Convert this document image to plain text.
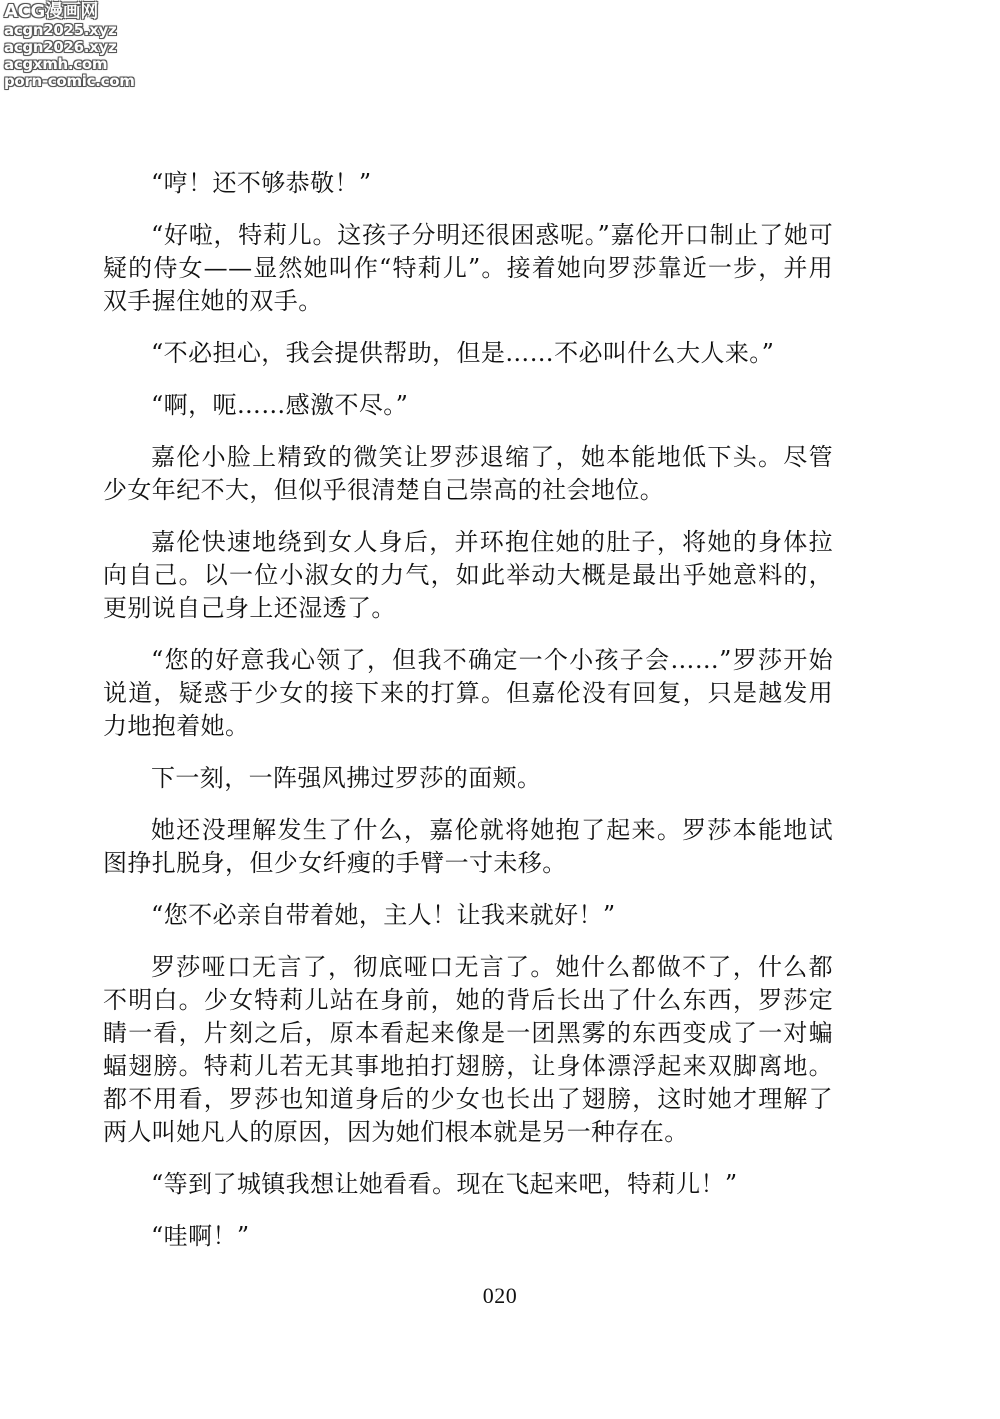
ACG漫画网
acgn2025.xyz
acgn2026.xyz
acgxmh.com
porn-comic.com

“哼！还不够恭敬！”

“好啦，特莉儿。这孩子分明还很困惑呢。”嘉伦开口制止了她可疑的侍女——显然她叫作“特莉儿”。接着她向罗莎靠近一步，并用双手握住她的双手。

“不必担心，我会提供帮助，但是……不必叫什么大人来。”

“啊，呃……感激不尽。”

嘉伦小脸上精致的微笑让罗莎退缩了，她本能地低下头。尽管少女年纪不大，但似乎很清楚自己崇高的社会地位。

嘉伦快速地绕到女人身后，并环抱住她的肚子，将她的身体拉向自己。以一位小淑女的力气，如此举动大概是最出乎她意料的，更别说自己身上还湿透了。

“您的好意我心领了，但我不确定一个小孩子会……”罗莎开始说道，疑惑于少女的接下来的打算。但嘉伦没有回复，只是越发用力地抱着她。

下一刻，一阵强风拂过罗莎的面颊。

她还没理解发生了什么，嘉伦就将她抱了起来。罗莎本能地试图挣扎脱身，但少女纤瘦的手臂一寸未移。

“您不必亲自带着她，主人！让我来就好！”

罗莎哑口无言了，彻底哑口无言了。她什么都做不了，什么都不明白。少女特莉儿站在身前，她的背后长出了什么东西，罗莎定睛一看，片刻之后，原本看起来像是一团黑雾的东西变成了一对蝙蝠翅膀。特莉儿若无其事地拍打翅膀，让身体漂浮起来双脚离地。都不用看，罗莎也知道身后的少女也长出了翅膀，这时她才理解了两人叫她凡人的原因，因为她们根本就是另一种存在。

“等到了城镇我想让她看看。现在飞起来吧，特莉儿！”

“哇啊！”

020
